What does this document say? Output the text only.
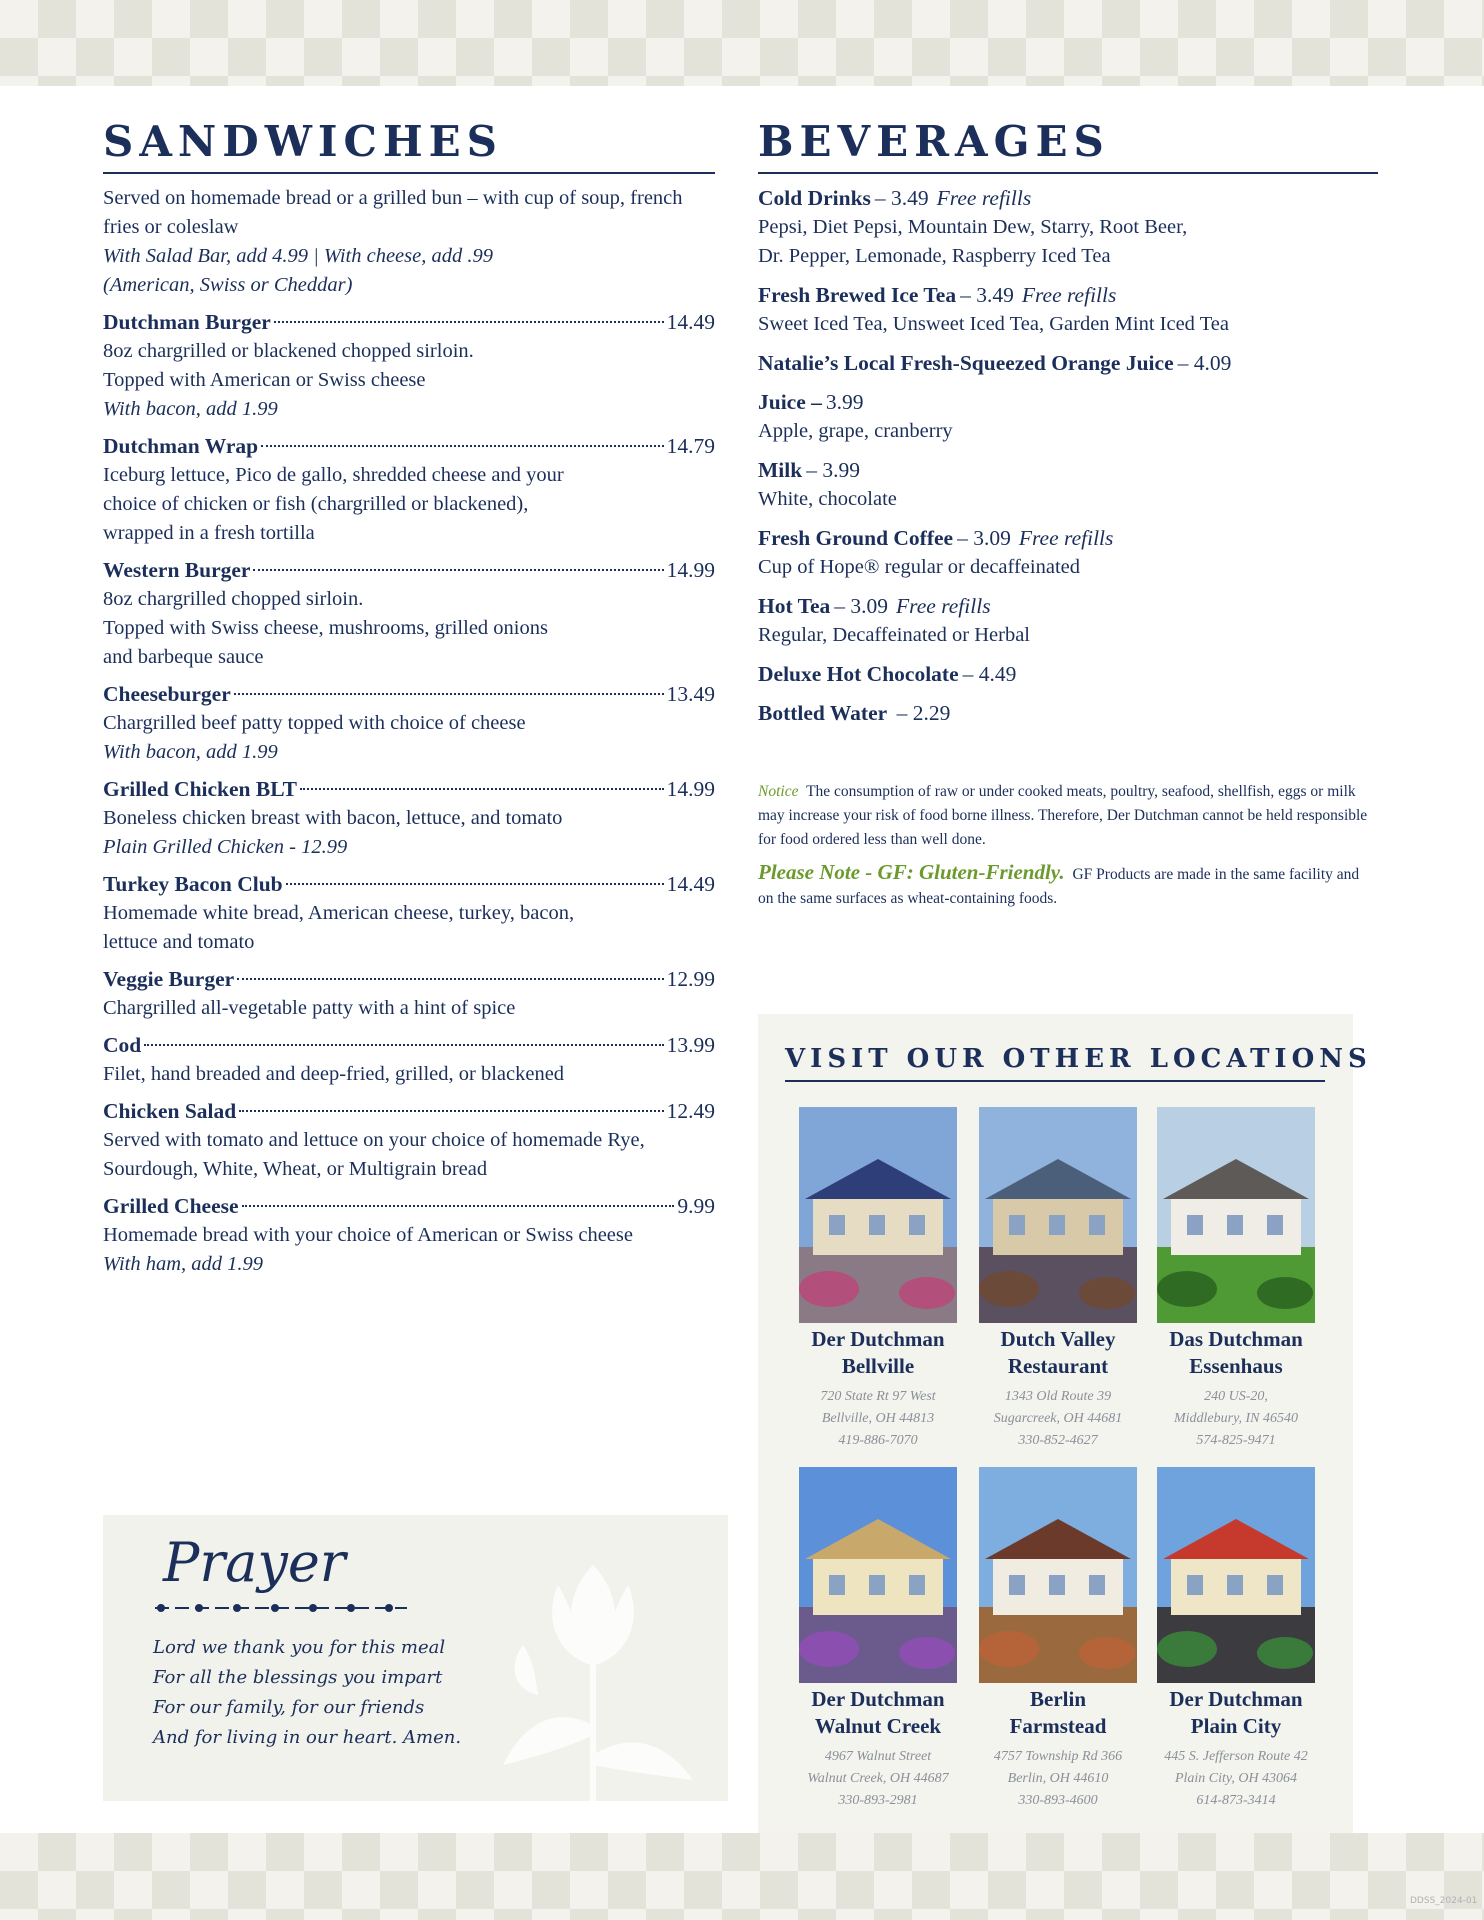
SANDWICHES
Served on homemade bread or a grilled bun – with cup of soup, french fries or coleslaw
With Salad Bar, add 4.99 | With cheese, add .99
(American, Swiss or Cheddar)
Dutchman Burger	14.49
8oz chargrilled or blackened chopped sirloin.
Topped with American or Swiss cheese
With bacon, add 1.99
Dutchman Wrap	14.79
Iceburg lettuce, Pico de gallo, shredded cheese and your
choice of chicken or fish (chargrilled or blackened),
wrapped in a fresh tortilla
Western Burger	14.99
8oz chargrilled chopped sirloin.
Topped with Swiss cheese, mushrooms, grilled onions
and barbeque sauce
Cheeseburger	13.49
Chargrilled beef patty topped with choice of cheese
With bacon, add 1.99
Grilled Chicken BLT	14.99
Boneless chicken breast with bacon, lettuce, and tomato
Plain Grilled Chicken - 12.99
Turkey Bacon Club	14.49
Homemade white bread, American cheese, turkey, bacon,
lettuce and tomato
Veggie Burger	12.99
Chargrilled all-vegetable patty with a hint of spice
Cod	13.99
Filet, hand breaded and deep-fried, grilled, or blackened
Chicken Salad	12.49
Served with tomato and lettuce on your choice of homemade Rye,
Sourdough, White, Wheat, or Multigrain bread
Grilled Cheese	9.99
Homemade bread with your choice of American or Swiss cheese
With ham, add 1.99
BEVERAGES
Cold Drinks – 3.49 Free refills
Pepsi, Diet Pepsi, Mountain Dew, Starry, Root Beer,
Dr. Pepper, Lemonade, Raspberry Iced Tea
Fresh Brewed Ice Tea – 3.49 Free refills
Sweet Iced Tea, Unsweet Iced Tea, Garden Mint Iced Tea
Natalie’s Local Fresh-Squeezed Orange Juice – 4.09
Juice – 3.99
Apple, grape, cranberry
Milk – 3.99
White, chocolate
Fresh Ground Coffee – 3.09 Free refills
Cup of Hope® regular or decaffeinated
Hot Tea – 3.09 Free refills
Regular, Decaffeinated or Herbal
Deluxe Hot Chocolate – 4.49
Bottled Water – 2.29
Notice The consumption of raw or under cooked meats, poultry, seafood, shellfish, eggs or milk may increase your risk of food borne illness. Therefore, Der Dutchman cannot be held responsible for food ordered less than well done.
Please Note - GF: Gluten-Friendly. GF Products are made in the same facility and on the same surfaces as wheat-containing foods.
VISIT OUR OTHER LOCATIONS
Der Dutchman
Bellville
720 State Rt 97 West
Bellville, OH 44813
419-886-7070
Dutch Valley
Restaurant
1343 Old Route 39
Sugarcreek, OH 44681
330-852-4627
Das Dutchman
Essenhaus
240 US-20,
Middlebury, IN 46540
574-825-9471
Der Dutchman
Walnut Creek
4967 Walnut Street
Walnut Creek, OH 44687
330-893-2981
Berlin
Farmstead
4757 Township Rd 366
Berlin, OH 44610
330-893-4600
Der Dutchman
Plain City
445 S. Jefferson Route 42
Plain City, OH 43064
614-873-3414
Prayer
Lord we thank you for this meal
For all the blessings you impart
For our family, for our friends
And for living in our heart. Amen.
DDSS_2024-01
